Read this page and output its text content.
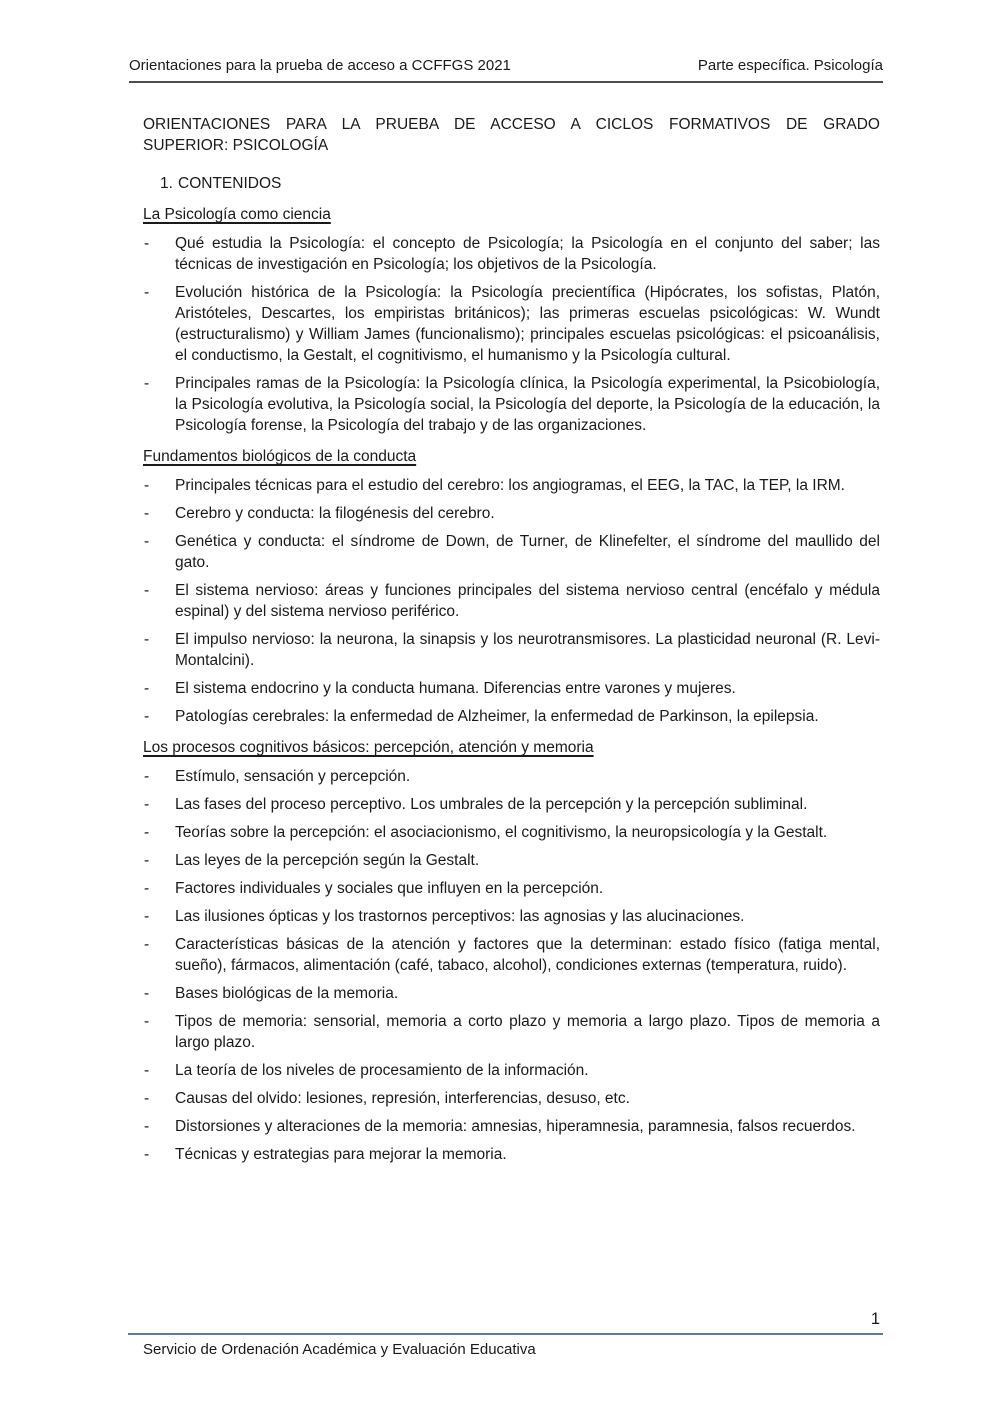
Orientaciones para la prueba de acceso a CCFFGS 2021	Parte específica. Psicología
ORIENTACIONES PARA LA PRUEBA DE ACCESO A CICLOS FORMATIVOS DE GRADO
SUPERIOR: PSICOLOGÍA
1. CONTENIDOS
La Psicología como ciencia
- Qué estudia la Psicología: el concepto de Psicología; la Psicología en el conjunto del saber; las técnicas de investigación en Psicología; los objetivos de la Psicología.
- Evolución histórica de la Psicología: la Psicología precientífica (Hipócrates, los sofistas, Platón, Aristóteles, Descartes, los empiristas británicos); las primeras escuelas psicológicas: W. Wundt (estructuralismo) y William James (funcionalismo); principales escuelas psicológicas: el psicoanálisis, el conductismo, la Gestalt, el cognitivismo, el humanismo y la Psicología cultural.
- Principales ramas de la Psicología: la Psicología clínica, la Psicología experimental, la Psicobiología, la Psicología evolutiva, la Psicología social, la Psicología del deporte, la Psicología de la educación, la Psicología forense, la Psicología del trabajo y de las organizaciones.
Fundamentos biológicos de la conducta
- Principales técnicas para el estudio del cerebro: los angiogramas, el EEG, la TAC, la TEP, la IRM.
- Cerebro y conducta: la filogénesis del cerebro.
- Genética y conducta: el síndrome de Down, de Turner, de Klinefelter, el síndrome del maullido del gato.
- El sistema nervioso: áreas y funciones principales del sistema nervioso central (encéfalo y médula espinal) y del sistema nervioso periférico.
- El impulso nervioso: la neurona, la sinapsis y los neurotransmisores. La plasticidad neuronal (R. Levi-Montalcini).
- El sistema endocrino y la conducta humana. Diferencias entre varones y mujeres.
- Patologías cerebrales: la enfermedad de Alzheimer, la enfermedad de Parkinson, la epilepsia.
Los procesos cognitivos básicos: percepción, atención y memoria
- Estímulo, sensación y percepción.
- Las fases del proceso perceptivo. Los umbrales de la percepción y la percepción subliminal.
- Teorías sobre la percepción: el asociacionismo, el cognitivismo, la neuropsicología y la Gestalt.
- Las leyes de la percepción según la Gestalt.
- Factores individuales y sociales que influyen en la percepción.
- Las ilusiones ópticas y los trastornos perceptivos: las agnosias y las alucinaciones.
- Características básicas de la atención y factores que la determinan: estado físico (fatiga mental, sueño), fármacos, alimentación (café, tabaco, alcohol), condiciones externas (temperatura, ruido).
- Bases biológicas de la memoria.
- Tipos de memoria: sensorial, memoria a corto plazo y memoria a largo plazo. Tipos de memoria a largo plazo.
- La teoría de los niveles de procesamiento de la información.
- Causas del olvido: lesiones, represión, interferencias, desuso, etc.
- Distorsiones y alteraciones de la memoria: amnesias, hiperamnesia, paramnesia, falsos recuerdos.
- Técnicas y estrategias para mejorar la memoria.
1
Servicio de Ordenación Académica y Evaluación Educativa
